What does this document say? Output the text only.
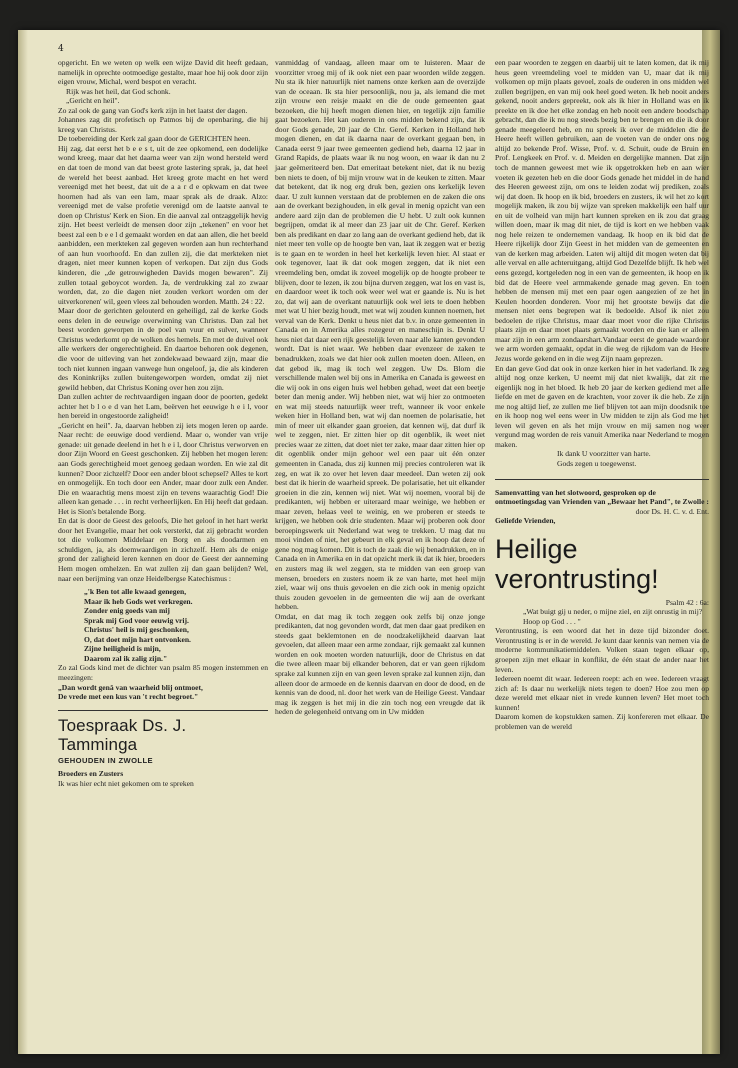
4

opgericht. En we weten op welk een wijze David dit heeft gedaan, namelijk in oprechte ootmoedige gestalte, maar hoe hij ook door zijn eigen vrouw, Michal, werd bespot en veracht.

Rijk was het heil, dat God schonk.

„Gericht en heil".

Zo zal ook de gang van God's kerk zijn in het laatst der dagen.

Johannes zag dit profetisch op Patmos bij de openbaring, die hij kreeg van Christus.

De toebereiding der Kerk zal gaan door de GERICHTEN heen.

Hij zag, dat eerst het b e e s t, uit de zee opkomend, een dodelijke wond kreeg, maar dat het daarna weer van zijn wond hersteld werd en dat toen de mond van dat beest grote lastering sprak, ja, dat heel de wereld het beest aanbad. Het kreeg grote macht en het werd vereenigd met het beest, dat uit de a a r d e opkwam en dat twee hoornen had als van een lam, maar sprak als de draak. Alzo: vereenigd met de valse profetie verenigd om de laatste aanval te doen op Christus' Kerk en Sion. En die aanval zal ontzaggelijk hevig zijn. Het beest verleidt de mensen door zijn „tekenen" en voor het beest zal een b e e l d gemaakt worden en dat aan allen, die het beeld aanbidden, een merkteken zal gegeven worden aan hun rechterhand of aan hun voorhoofd. En dan zullen zij, die dat merkteken niet dragen, niet meer kunnen kopen of verkopen. Dat zijn dus Gods kinderen, die „de getrouwigheden Davids mogen bewaren". Zij zullen totaal geboycot worden. Ja, de verdrukking zal zo zwaar worden, dat, zo die dagen niet zouden verkort worden om der uitverkorenen' wil, geen vlees zal behouden worden. Matth. 24 : 22.

Maar door de gerichten gelouterd en geheiligd, zal de kerke Gods eens delen in de eeuwige overwinning van Christus. Dan zal het beest worden geworpen in de poel van vuur en sulver, wanneer Christus wederkomt op de wolken des hemels. En met de duivel ook alle werkers der ongerechtigheid. En daartoe behoren ook degenen, die voor de uitleving van het zondekwaad bewaard zijn, maar die toch niet kunnen ingaan vanwege hun ongeloof, ja, die als kinderen des Koninkrijks zullen buitengeworpen worden, omdat zij niet gewild hebben, dat Christus Koning over hen zou zijn.

Dan zullen achter de rechtvaardigen ingaan door de poorten, gedekt achter het b l o e d van het Lam, beërven het eeuwige h e i l, voor hen bereid in ongestoorde zaligheid!

„Gericht en heil". Ja, daarvan hebben zij iets mogen leren op aarde. Naar recht: de eeuwige dood verdiend. Maar o, wonder van vrije genade: uit genade deelend in het h e i l, door Christus verworven en door Zijn Woord en Geest geschonken. Zij hebben het mogen leren: aan Gods gerechtigheid moet genoeg gedaan worden. En wie zal dit kunnen? Door zichzelf? Door een ander bloot schepsel? Alles te kort en onmogelijk. En toch door een Ander, maar door zulk een Ander. Die en waarachtig mens moest zijn en tevens waarachtig God! Die alleen kan genade . . . in recht verheerlijken. En Hij heeft dat gedaan. Het is Sion's betalende Borg.

En dat is door de Geest des geloofs, Die het geloof in het hart werkt door het Evangelie, maar het ook versterkt, dat zij gebracht worden tot die volkomen Middelaar en Borg en als doodarmen en schuldigen, ja, als doemwaardigen in zichzelf. Hem als de enige grond der zaligheid leren kennen en door de Geest der aanneming Hem mogen omhelzen. En wat zullen zij dan gaan belijden? Wel, naar een berijming van onze Heidelbergse Katechismus :

„'k Ben tot alle kwaad genegen,

Maar ik heb Gods wet verkregen.

Zonder enig goeds van mij

Sprak mij God voor eeuwig vrij.

Christus' heil is mij geschonken,

O, dat doet mijn hart ontvonken.

Zijne heiligheid is mijn,

Daarom zal ik zalig zijn."

Zo zal Gods kind met de dichter van psalm 85 mogen instemmen en meezingen:

„Dan wordt genâ van waarheid blij ontmoet,

De vrede met een kus van 't recht begroet."

Toespraak Ds. J. Tamminga
GEHOUDEN IN ZWOLLE

Broeders en Zusters

Ik was hier echt niet gekomen om te spreken

vanmiddag of vandaag, alleen maar om te luisteren. Maar de voorzitter vroeg mij of ik ook niet een paar woorden wilde zeggen. Nu sta ik hier natuurlijk niet namens onze kerken aan de overzijde van de oceaan. Ik sta hier persoonlijk, nou ja, als iemand die met zijn vrouw een reisje maakt en die de oude gemeenten gaat bezoeken, die hij heeft mogen dienen hier, en tegelijk zijn familie gaat bezoeken. Het kan ouderen in ons midden bekend zijn, dat ik door Gods genade, 20 jaar de Chr. Geref. Kerken in Holland heb mogen dienen, en dat ik daarna naar de overkant gegaan ben, in Canada eerst 9 jaar twee gemeenten gediend heb, daarna 12 jaar in Grand Rapids, de plaats waar ik nu nog woon, en waar ik dan nu 2 jaar geëmeriteerd ben. Dat emeritaat betekent niet, dat ik nu bezig ben niets te doen, of bij mijn vrouw wat in de keuken te zitten. Maar dat betekent, dat ik nog erg druk ben, gezien ons kerkelijk leven daar. U zult kunnen verstaan dat de problemen en de zaken die ons aan de overkant bezighouden, in elk geval in menig opzicht van een andere aard zijn dan de problemen die U hebt. U zult ook kunnen begrijpen, omdat ik al meer dan 23 jaar uit de Chr. Geref. Kerken ben als predikant en daar zo lang aan de overkant gediend heb, dat ik niet meer ten volle op de hoogte ben van, laat ik zeggen wat er bezig is te gaan en te worden in heel het kerkelijk leven hier. Al staat er ook tegenover, laat ik dat ook mogen zeggen, dat ik niet een vreemdeling ben, omdat ik zoveel mogelijk op de hoogte probeer te blijven, door te lezen, ik zou bijna durven zeggen, wat los en vast is, en daardoor weet ik toch ook weer wel wat er gaande is. Nu is het zo, dat wij aan de overkant natuurlijk ook wel iets te doen hebben met wat U hier bezig houdt, met wat wij zouden kunnen noemen, het verval van de Kerk. Denkt u heus niet dat b.v. in onze gemeenten in Canada en in Amerika alles rozegeur en maneschijn is. Denkt U heus niet dat daar een rijk geestelijk leven naar alle kanten gevonden wordt. Dat is niet waar. We hebben daar evenzeer de zaken te benadrukken, zoals we dat hier ook zullen moeten doen. Alleen, en dat gebod ik, mag ik toch wel zeggen. Uw Ds. Blom die verschillende malen wel bij ons in Amerika en Canada is geweest en die wij ook in ons eigen huis wel hebben gehad, weet dat een beetje beter dan menig ander. Wij hebben niet, wat wij hier zo ontmoeten en wat mij steeds natuurlijk weer treft, wanneer ik voor enkele weken hier in Holland ben, wat wij dan noemen de polarisatie, het min of meer uit elkander gaan groeien, dat kennen wij, dat durf ik wel te zeggen, niet. Er zitten hier op dit ogenblik, ik weet niet precies waar ze zitten, dat doet niet ter zake, maar daar zitten hier op dit ogenblik onder mijn gehoor wel een paar uit één onzer gemeenten in Canada, dus zij kunnen mij precies controleren wat ik zeg, en wat ik zo over het leven daar meedeel. Dan weten zij ook best dat ik hierin de waarheid spreek. De polarisatie, het uit elkander groeien in die zin, kennen wij niet. Wat wij noemen, vooral bij de predikanten, wij hebben er uiteraard maar weinige, we hebben er maar zeven, helaas veel te weinig, en we proberen er steeds te krijgen, we hebben ook drie studenten. Maar wij proberen ook door beroepingswerk uit Nederland wat weg te trekken. U mag dat nu mooi vinden of niet, het gebeurt in elk geval en ik hoop dat deze of gene nog mag komen. Dit is toch de zaak die wij benadrukken, en in Canada en in Amerika en in dat opzicht merk ik dat ik hier, broeders en zusters mag ik wel zeggen, sta te midden van een groep van mensen, broeders en zusters noem ik ze van harte, met heel mijn ziel, waar wij ons thuis gevoelen en die zich ook in menig opzicht thuis zouden gevoelen in de gemeenten die wij aan de overkant hebben.

Omdat, en dat mag ik toch zeggen ook zelfs bij onze jonge predikanten, dat nog gevonden wordt, dat men daar gaat prediken en steeds gaat beklemtonen en de noodzakelijkheid daarvan laat gevoelen, dat alleen maar een arme zondaar, rijk gemaakt zal kunnen worden en ook moeten worden natuurlijk, door de Christus en dat die twee alleen maar bij elkander behoren, dat er van geen rijkdom sprake zal kunnen zijn en van geen leven sprake zal kunnen zijn, dan alleen door de armoede en de kennis daarvan en door de dood, en de kennis van de dood, nl. door het werk van de Heilige Geest. Vandaar mag ik zeggen is het mij in die zin toch nog een vreugde dat ik heden de gelegenheid ontvang om in Uw midden

een paar woorden te zeggen en daarbij uit te laten komen, dat ik mij heus geen vreemdeling voel te midden van U, maar dat ik mij volkomen op mijn plaats gevoel, zoals de ouderen in ons midden wel zullen begrijpen, en van mij ook heel goed weten. Ik heb nooit anders gekend, nooit anders gepreekt, ook als ik hier in Holland was en ik preekte en ik doe het elke zondag en heb nooit een andere boodschap gebracht, dan die ik nu nog steeds bezig ben te brengen en die ik door genade meegeleerd heb, en nu spreek ik over de middelen die de Heere heeft willen gebruiken, aan de voeten van de onder ons nog altijd zo bekende Prof. Wisse, Prof. v. d. Schuit, oude de Bruin en Prof. Lengkeek en Prof. v. d. Meiden en dergelijke mannen. Dat zijn toch de mannen geweest met wie ik opgetrokken heb en aan wier voeten ik gezeten heb en die door Gods genade het middel in de hand des Heeren geweest zijn, om ons te leiden zodat wij prediken, zoals wij dat doen. Ik hoop en ik bid, broeders en zusters, ik wil het zo kort mogelijk maken, ik zou bij wijze van spreken makkelijk een half uur en uit de volheid van mijn hart kunnen spreken en ik zou dat graag willen doen, maar ik mag dit niet, de tijd is kort en we hebben vaak nog hele reizen te ondernemen vandaag. Ik hoop en ik bid dat de Heere rijkelijk door Zijn Geest in het midden van de gemeenten en van de kerken mag arbeiden. Laten wij altijd dit mogen weten dat bij alle verval en alle achteruitgang, altijd God Dezelfde blijft. Ik heb wel eens gezegd, kortgeleden nog in een van de gemeenten, ik hoop en ik bid dat de Heere veel armmakende genade mag geven. En toen hebben de mensen mij met een paar ogen aangezien of ze het in Keulen hoorden donderen. Voor mij het grootste bewijs dat die mensen niet eens begrepen wat ik bedoelde. Alsof ik niet zou bedoelen de rijke Christus, maar daar moet voor die rijke Christus plaats zijn en daar moet plaats gemaakt worden en die kan er alleen maar zijn in een arm zondaarshart.Vandaar eerst de genade waardoor we arm worden gemaakt, opdat in die weg de rijkdom van de Heere Jezus worde gekend en in die weg Zijn naam geprezen.

En dan geve God dat ook in onze kerken hier in het vaderland. Ik zeg altijd nog onze kerken, U neemt mij dat niet kwalijk, dat zit me eigenlijk nog in het bloed. Ik heb 20 jaar de kerken gediend met alle liefde en met de gaven en de krachten, voor zover ik die heb. Ze zijn me nog altijd lief, ze zullen me lief blijven tot aan mijn doodsnik toe en ik hoop nog wel eens weer in Uw midden te zijn als God me het leven wil geven en als het mijn vrouw en mij samen nog weer vergund mag worden de reis vanuit Amerika naar Nederland te mogen maken.

Ik dank U voorzitter van harte.

Gods zegen u toegewenst.

Samenvatting van het slotwoord, gesproken op de ontmoetingsdag van Vrienden van „Bewaar het Pand", te Zwolle :

door Ds. H. C. v. d. Ent.

Geliefde Vrienden,

Heilige verontrusting!

Psalm 42 : 6a:

„Wat buigt gij u neder, o mijne ziel, en zijt onrustig in mij? Hoop op God . . . "

Verontrusting, is een woord dat het in deze tijd bizonder doet. Verontrusting is er in de wereld. Je kunt daar kennis van nemen via de moderne kommunikatiemiddelen. Volken staan tegen elkaar op, groepen zijn met elkaar in konflikt, de één staat de ander naar het leven.

Iedereen noemt dit waar. Iedereen roept: ach en wee. Iedereen vraagt zich af: Is daar nu werkelijk niets tegen te doen? Hoe zou men op deze wereld met elkaar niet in vrede kunnen leven? Het moet toch kunnen!

Daarom komen de kopstukken samen. Zij konfereren met elkaar. De problemen van de wereld
